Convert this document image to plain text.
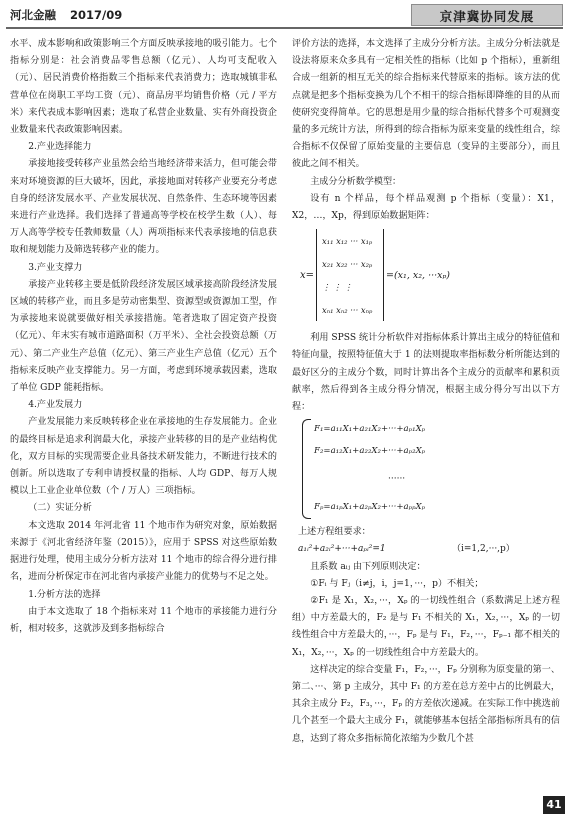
河北金融 2017/09	京津冀协同发展

水平、成本影响和政策影响三个方面反映承接地的吸引能力。七个指标分别是：社会消费品零售总额（亿元）、人均可支配收入（元）、居民消费价格指数三个指标来代表消费力；选取城镇非私营单位在岗职工平均工资（元）、商品房平均销售价格（元 / 平方米）来代表成本影响因素；选取了私营企业数量、实有外商投资企业数量来代表政策影响因素。

2.产业选择能力

承接地接受转移产业虽然会给当地经济带来活力，但可能会带来对环境资源的巨大破坏，因此，承接地面对转移产业要充分考虑自身的经济发展水平、产业发展状况、自然条件、生态环境等因素来进行产业选择。我们选择了普通高等学校在校学生数（人）、每万人高等学校专任教师数量（人）两项指标来代表承接地的信息获取和规划能力及筛选转移产业的能力。

3.产业支撑力

承接产业转移主要是低阶段经济发展区域承接高阶段经济发展区域的转移产业，而且多是劳动密集型、资源型或资源加工型，作为承接地来说就要做好相关承接措施。笔者选取了固定资产投资（亿元）、年末实有城市道路面积（万平米）、全社会投资总额（万元）、第二产业生产总值（亿元）、第三产业生产总值（亿元）五个指标来反映产业支撑能力。另一方面，考虑到环境承载因素，选取了单位 GDP 能耗指标。

4.产业发展力

产业发展能力来反映转移企业在承接地的生存发展能力。企业的最终目标是追求利润最大化，承接产业转移的目的是产业结构优化，双方目标的实现需要企业具备技术研发能力，不断进行技术的创新。所以选取了专利申请授权量的指标、人均 GDP、每万人规模以上工业企业单位数（个 / 万人）三项指标。

（二）实证分析

本文选取 2014 年河北省 11 个地市作为研究对象，原始数据来源于《河北省经济年鉴（2015）》，应用于 SPSS 对这些原始数据进行处理，使用主成分分析方法对 11 个地市的综合得分进行排名，进而分析保定市在河北省内承接产业能力的优势与不足之处。

1.分析方法的选择

由于本文选取了 18 个指标来对 11 个地市的承接能力进行分析，相对较多，这就涉及到多指标综合

评价方法的选择，本文选择了主成分分析方法。主成分分析法就是设法将原来众多具有一定相关性的指标（比如 p 个指标），重新组合成一组新的相互无关的综合指标来代替原来的指标。该方法的优点就是把多个指标变换为几个不相干的综合指标即降维的目的从而使研究变得简单。它的思想是用少量的综合指标代替多个可观测变量的多元统计方法，所得到的综合指标为原来变量的线性组合，综合指标不仅保留了原始变量的主要信息（变异的主要部分），而且彼此之间不相关。

主成分分析数学模型：

设有 n 个样品，每个样品观测 p 个指标（变量）：X1，X2，…，Xp，得到原始数据矩阵：

x=
x₁₁ x₁₂ ··· x₁ₚ
x₂₁ x₂₂ ··· x₂ₚ
⋮ ⋮ ⋮
xₙ₁ xₙ₂ ··· xₙₚ
=(x₁, x₂, ···xₚ)

利用 SPSS 统计分析软件对指标体系计算出主成分的特征值和特征向量，按照特征值大于 1 的法则提取率指标数分析所能达到的最好区分的主成分个数，同时计算出各个主成分的贡献率和累积贡献率，然后得到各主成分得分情况，根据主成分得分写出以下方程：

F₁=a₁₁X₁+a₂₁X₂+···+aₚ₁Xₚ
F₂=a₁₂X₁+a₂₂X₂+···+aₚ₂Xₚ
······
Fₚ=a₁ₚX₁+a₂ₚX₂+···+aₚₚXₚ

上述方程组要求：

a₁ᵢ²+a₂ᵢ²+···+aₚᵢ²=1	（i=1,2,···,p）

且系数 aᵢⱼ 由下列原则决定：

①Fᵢ 与 Fⱼ（i≠j，i，j=1，···，p）不相关；

②F₁ 是 X₁，X₂，···，Xₚ 的一切线性组合（系数满足上述方程组）中方差最大的，F₂ 是与 F₁ 不相关的 X₁，X₂，···，Xₚ 的一切线性组合中方差最大的，···，Fₚ 是与 F₁，F₂，···，Fₚ₋₁ 都不相关的 X₁，X₂，···，Xₚ 的一切线性组合中方差最大的。

这样决定的综合变量 F₁，F₂，···，Fₚ 分别称为原变量的第一、第二、···、第 p 主成分，其中 F₁ 的方差在总方差中占的比例最大，其余主成分 F₂，F₃，···，Fₚ 的方差依次递减。在实际工作中挑选前几个甚至一个最大主成分 F₁，就能够基本包括全部指标所具有的信息，达到了将众多指标简化浓缩为少数几个甚

41
